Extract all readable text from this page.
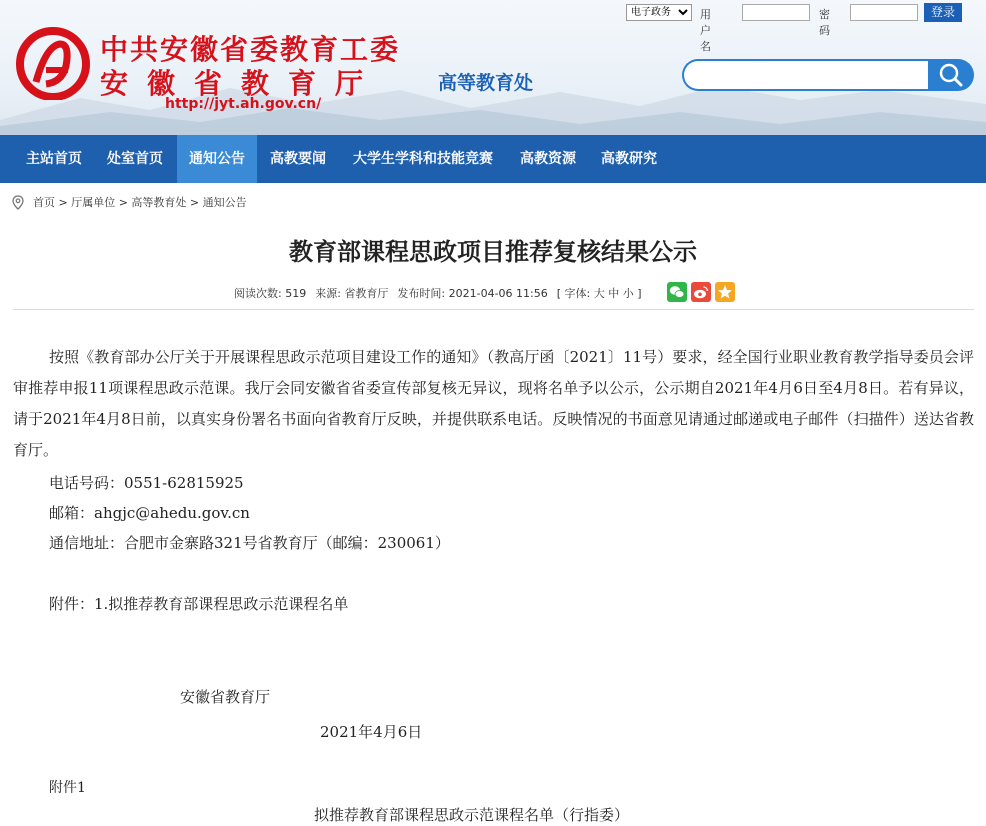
中共安徽省委教育工委
安徽省教育厅
http://jyt.ah.gov.cn/
高等教育处
电子政务
用户名
密码
登录
主站首页	处室首页	通知公告	高教要闻	大学生学科和技能竞赛	高教资源	高教研究
首页 > 厅属单位 > 高等教育处 > 通知公告
教育部课程思政项目推荐复核结果公示
阅读次数: 519 来源: 省教育厅 发布时间: 2021-04-06 11:56 [ 字体: 大 中 小 ]
按照《教育部办公厅关于开展课程思政示范项目建设工作的通知》（教高厅函〔2021〕11号）要求，经全国行业职业教育教学指导委员会评审推荐申报11项课程思政示范课。我厅会同安徽省省委宣传部复核无异议，现将名单予以公示，公示期自2021年4月6日至4月8日。若有异议，请于2021年4月8日前，以真实身份署名书面向省教育厅反映，并提供联系电话。反映情况的书面意见请通过邮递或电子邮件（扫描件）送达省教育厅。
电话号码：0551-62815925
邮箱：ahgjc@ahedu.gov.cn
通信地址：合肥市金寨路321号省教育厅（邮编：230061）
附件：1.拟推荐教育部课程思政示范课程名单
安徽省教育厅
2021年4月6日
附件1
拟推荐教育部课程思政示范课程名单（行指委）
